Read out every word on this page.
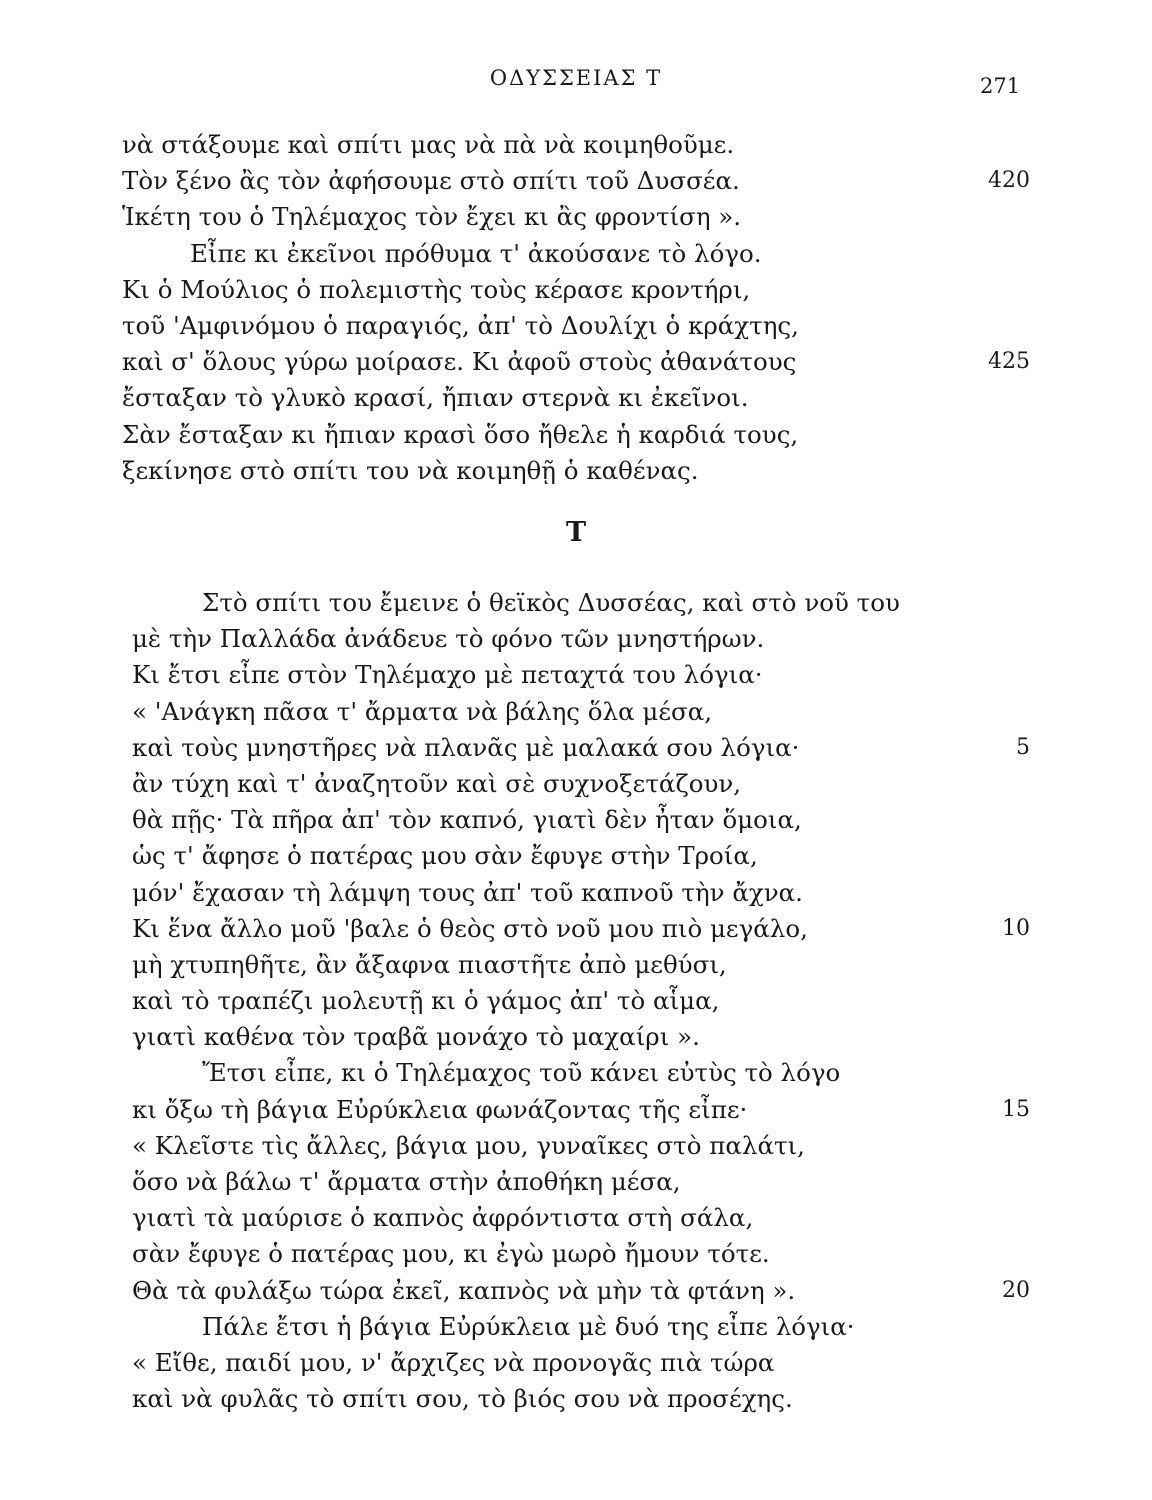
ΟΔΥΣΣΕΙΑΣ Τ	271
νὰ στάξουμε καὶ σπίτι μας νὰ πὰ νὰ κοιμηθοῦμε.
Τὸν ξένο ἂς τὸν ἀφήσουμε στὸ σπίτι τοῦ Δυσσέα.	420
Ἱκέτη του ὁ Τηλέμαχος τὸν ἔχει κι ἂς φροντίση ».
Εἶπε κι ἐκεῖνοι πρόθυμα τ' ἀκούσανε τὸ λόγο.
Κι ὁ Μούλιος ὁ πολεμιστὴς τοὺς κέρασε κροντήρι,
τοῦ 'Αμφινόμου ὁ παραγιός, ἀπ' τὸ Δουλίχι ὁ κράχτης,
καὶ σ' ὅλους γύρω μοίρασε. Κι ἀφοῦ στοὺς ἀθανάτους	425
ἔσταξαν τὸ γλυκὸ κρασί, ἤπιαν στερνὰ κι ἐκεῖνοι.
Σὰν ἔσταξαν κι ἤπιαν κρασὶ ὅσο ἤθελε ἡ καρδιά τους,
ξεκίνησε στὸ σπίτι του νὰ κοιμηθῇ ὁ καθένας.
Τ
Στὸ σπίτι του ἔμεινε ὁ θεϊκὸς Δυσσέας, καὶ στὸ νοῦ του
μὲ τὴν Παλλάδα ἀνάδευε τὸ φόνο τῶν μνηστήρων.
Κι ἔτσι εἶπε στὸν Τηλέμαχο μὲ πεταχτά του λόγια·
« 'Ανάγκη πᾶσα τ' ἄρματα νὰ βάλης ὅλα μέσα,
καὶ τοὺς μνηστῆρες νὰ πλανᾶς μὲ μαλακά σου λόγια·	5
ἂν τύχη καὶ τ' ἀναζητοῦν καὶ σὲ συχνοξετάζουν,
θὰ πῇς· Τὰ πῆρα ἀπ' τὸν καπνό, γιατὶ δὲν ἦταν ὅμοια,
ὡς τ' ἄφησε ὁ πατέρας μου σὰν ἔφυγε στὴν Τροία,
μόν' ἔχασαν τὴ λάμψη τους ἀπ' τοῦ καπνοῦ τὴν ἄχνα.
Κι ἕνα ἄλλο μοῦ 'βαλε ὁ θεὸς στὸ νοῦ μου πιὸ μεγάλο,	10
μὴ χτυπηθῆτε, ἂν ἄξαφνα πιαστῆτε ἀπὸ μεθύσι,
καὶ τὸ τραπέζι μολευτῇ κι ὁ γάμος ἀπ' τὸ αἷμα,
γιατὶ καθένα τὸν τραβᾶ μονάχο τὸ μαχαίρι ».
Ἔτσι εἶπε, κι ὁ Τηλέμαχος τοῦ κάνει εὐτὺς τὸ λόγο
κι ὄξω τὴ βάγια Εὐρύκλεια φωνάζοντας τῆς εἶπε·	15
« Κλεῖστε τὶς ἄλλες, βάγια μου, γυναῖκες στὸ παλάτι,
ὅσο νὰ βάλω τ' ἄρματα στὴν ἀποθήκη μέσα,
γιατὶ τὰ μαύρισε ὁ καπνὸς ἀφρόντιστα στὴ σάλα,
σὰν ἔφυγε ὁ πατέρας μου, κι ἐγὼ μωρὸ ἤμουν τότε.
Θὰ τὰ φυλάξω τώρα ἐκεῖ, καπνὸς νὰ μὴν τὰ φτάνη ».	20
Πάλε ἔτσι ἡ βάγια Εὐρύκλεια μὲ δυό της εἶπε λόγια·
« Εἴθε, παιδί μου, ν' ἄρχιζες νὰ προνογᾶς πιὰ τώρα
καὶ νὰ φυλᾶς τὸ σπίτι σου, τὸ βιός σου νὰ προσέχης.
